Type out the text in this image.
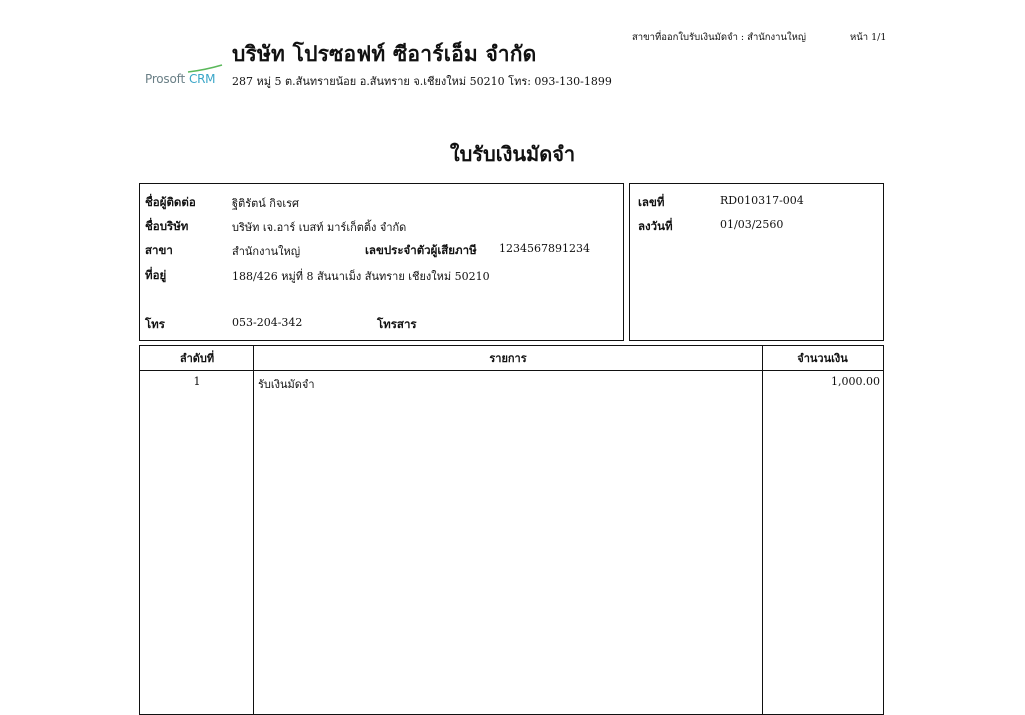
Prosoft CRM
บริษัท โปรซอฟท์ ซีอาร์เอ็ม จำกัด
287 หมู่ 5 ต.สันทรายน้อย อ.สันทราย จ.เชียงใหม่ 50210 โทร: 093-130-1899
สาขาที่ออกใบรับเงินมัดจำ : สำนักงานใหญ่	หน้า 1/1
ใบรับเงินมัดจำ
ชื่อผู้ติดต่อ	ฐิติรัตน์ กิจเรศ
ชื่อบริษัท	บริษัท เจ.อาร์ เบสท์ มาร์เก็ตติ้ง จำกัด
สาขา	สำนักงานใหญ่	เลขประจำตัวผู้เสียภาษี 1234567891234
ที่อยู่	188/426 หมู่ที่ 8 สันนาเม็ง สันทราย เชียงใหม่ 50210
โทร	053-204-342	โทรสาร
เลขที่	RD010317-004
ลงวันที่	01/03/2560
ลำดับที่	รายการ	จำนวนเงิน
1	รับเงินมัดจำ	1,000.00
